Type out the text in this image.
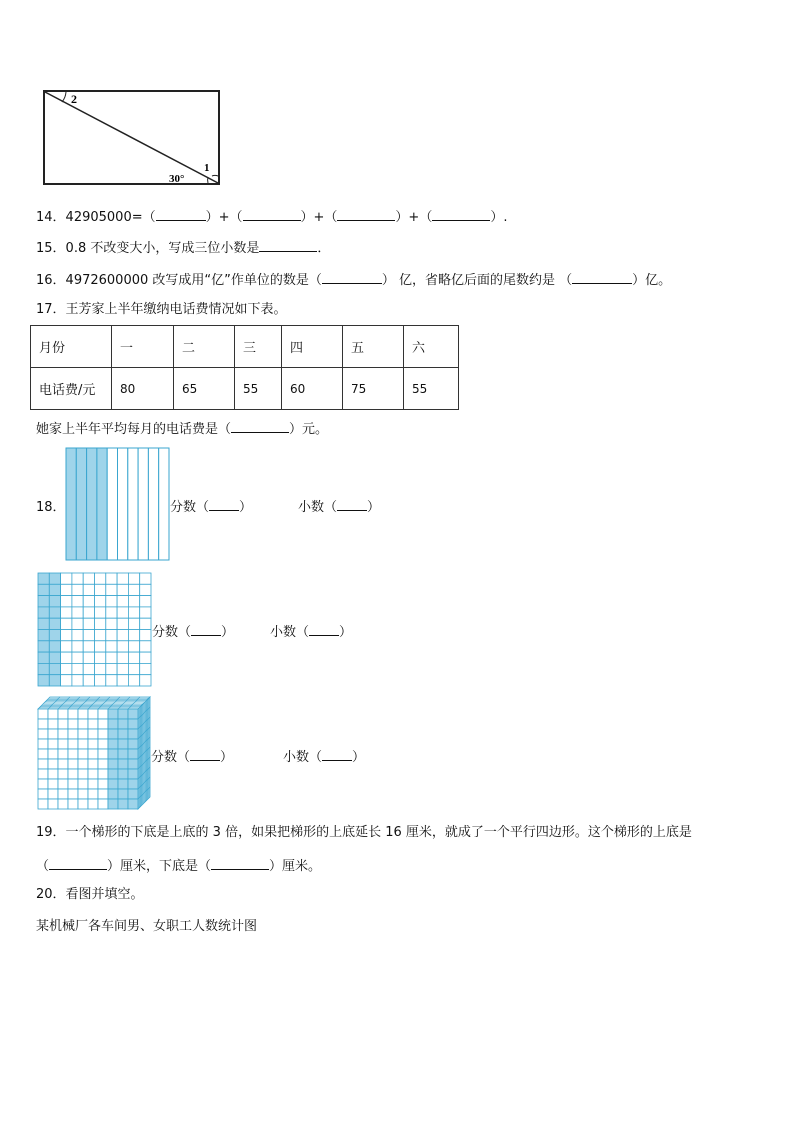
2
1
30°
14．42905000=（	）+（	）+（	）+（	）.
15．0.8 不改变大小，写成三位小数是	．
16．4972600000 改写成用“亿”作单位的数是（	） 亿，省略亿后面的尾数约是 （	）亿。
17．王芳家上半年缴纳电话费情况如下表。
月份	一	二	三	四	五	六
电话费/元	80	65	55	60	75	55
她家上半年平均每月的电话费是（	）元。
18．	分数（ ）	小数（ ）
分数（ ）	小数（ ）
分数（ ）	小数（ ）
19．一个梯形的下底是上底的 3 倍，如果把梯形的上底延长 16 厘米，就成了一个平行四边形。这个梯形的上底是
（	）厘米，下底是（	）厘米。
20．看图并填空。
某机械厂各车间男、女职工人数统计图
